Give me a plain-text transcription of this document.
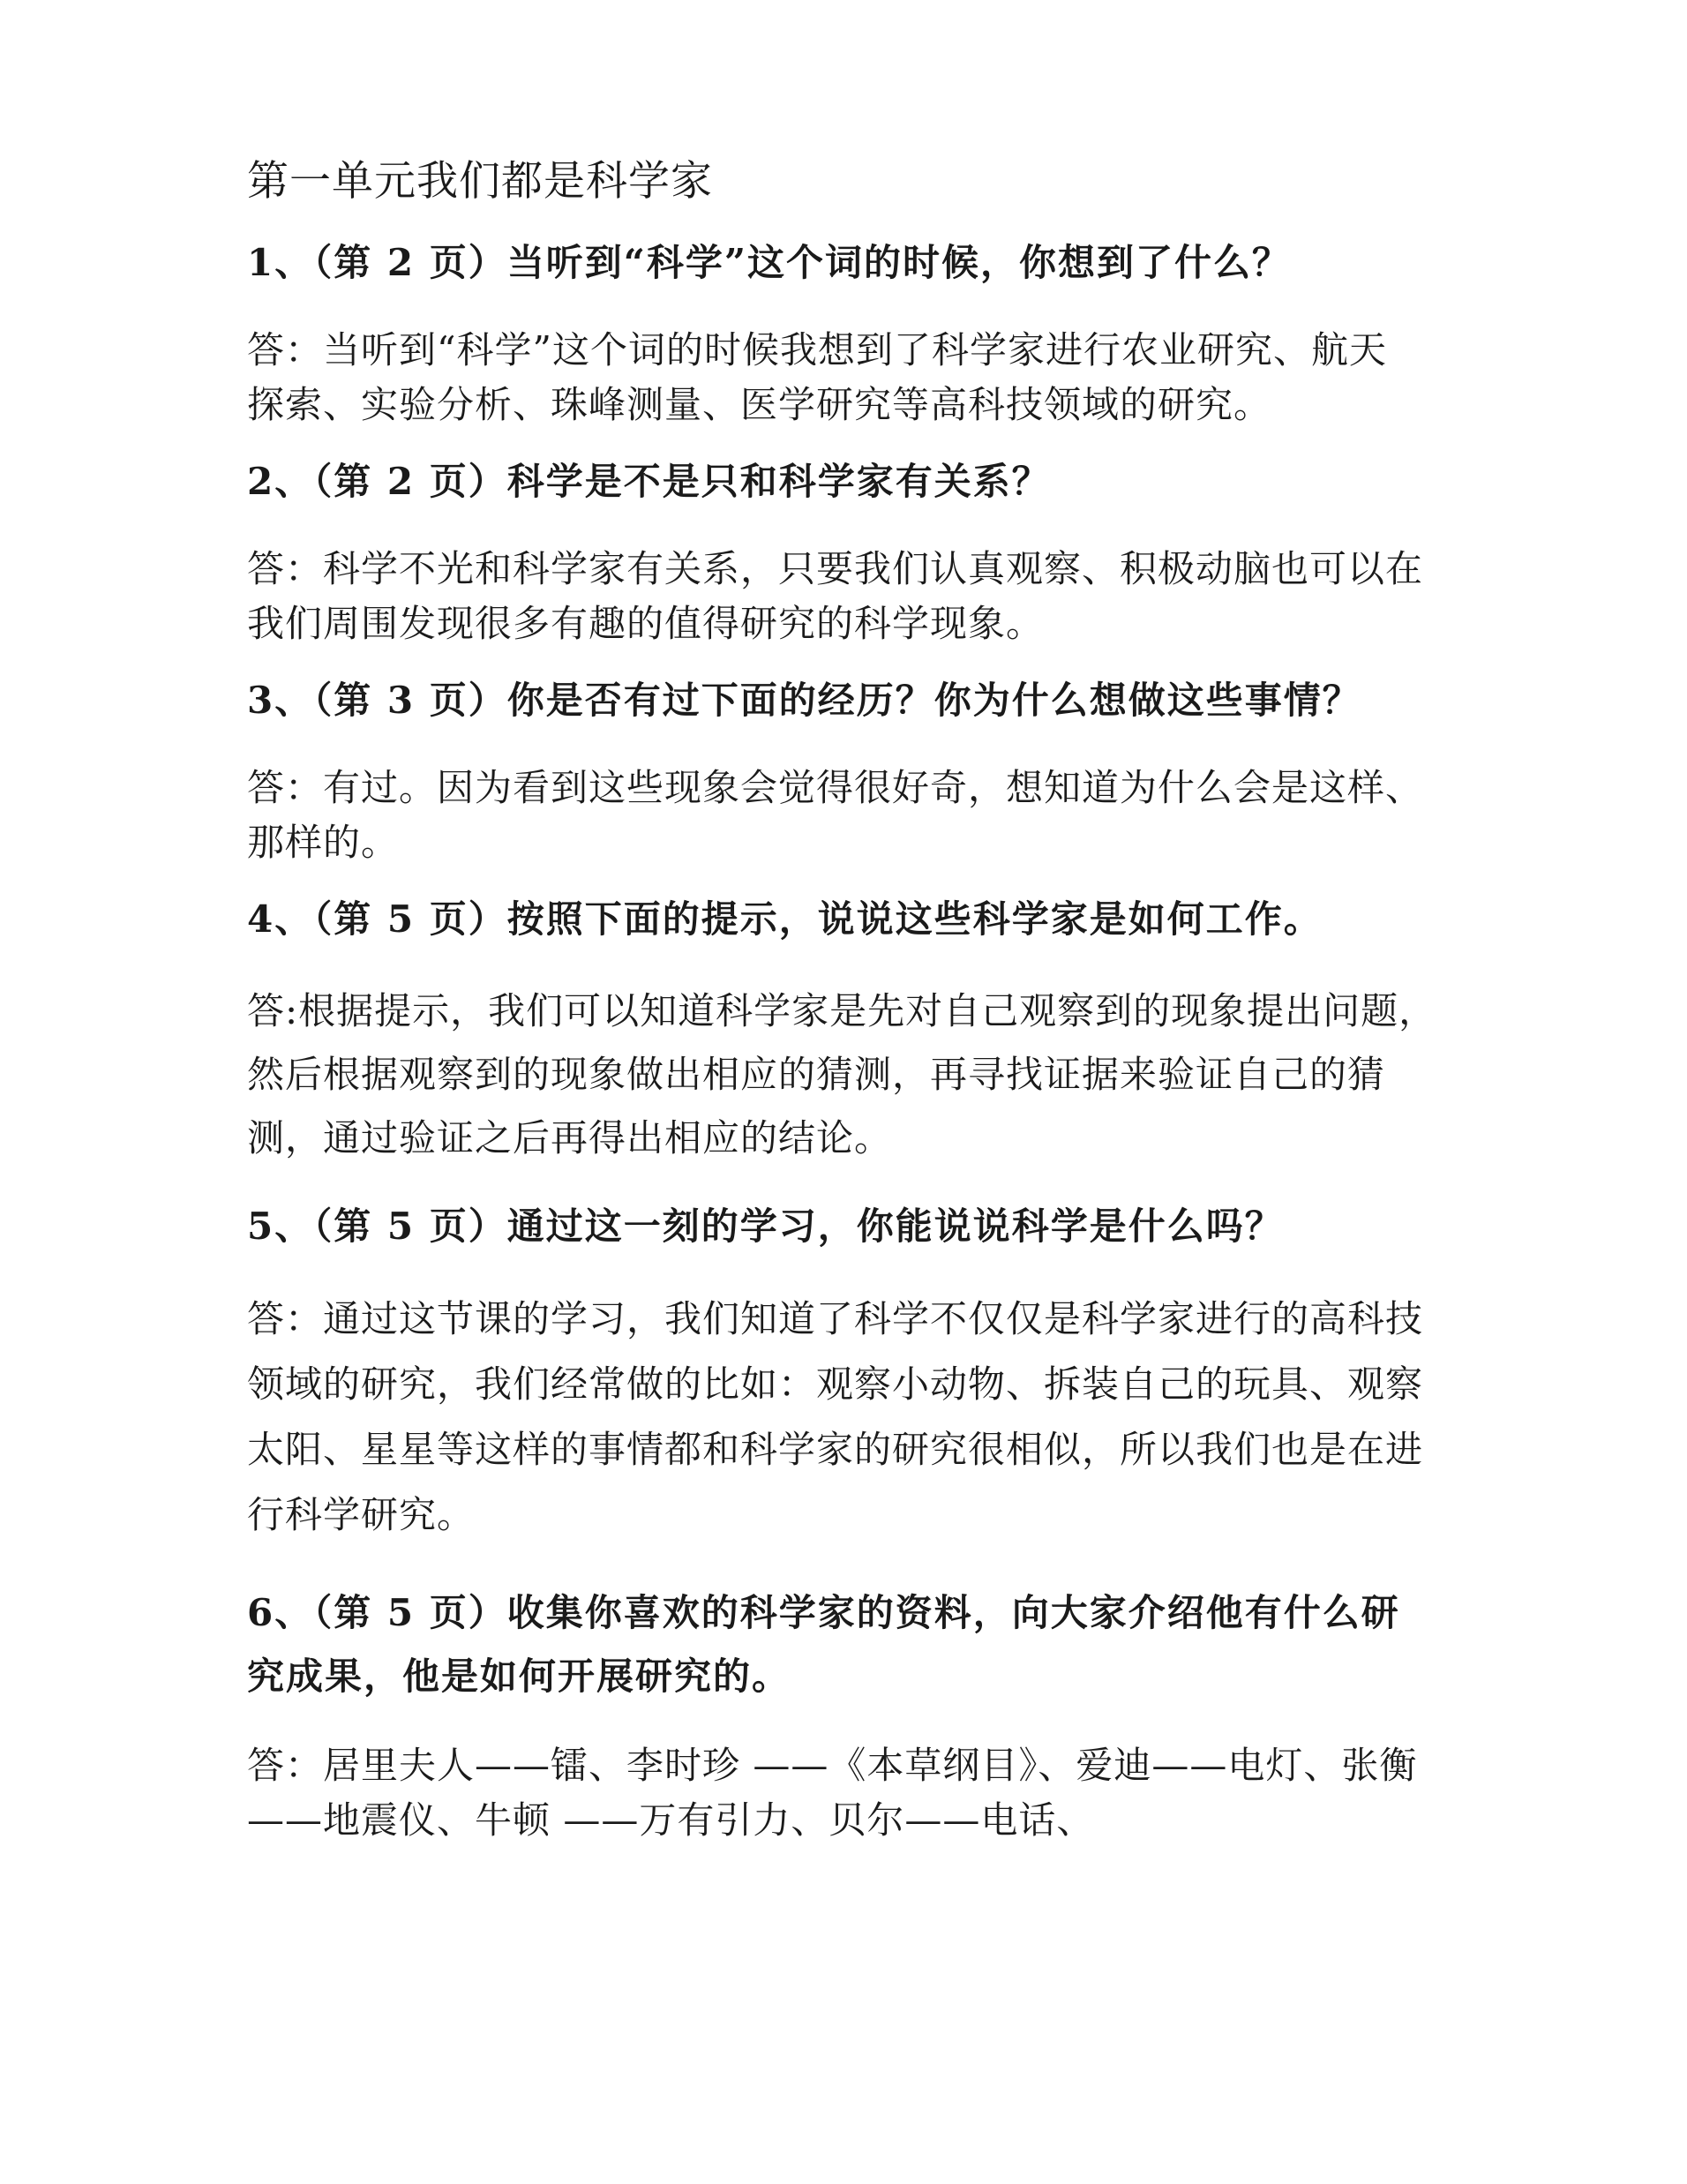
第一单元我们都是科学家
1、（第 2 页）当听到“科学”这个词的时候，你想到了什么？
答：当听到“科学”这个词的时候我想到了科学家进行农业研究、航天
探索、实验分析、珠峰测量、医学研究等高科技领域的研究。
2、（第 2 页）科学是不是只和科学家有关系？
答：科学不光和科学家有关系，只要我们认真观察、积极动脑也可以在
我们周围发现很多有趣的值得研究的科学现象。
3、（第 3 页）你是否有过下面的经历？你为什么想做这些事情？
答：有过。因为看到这些现象会觉得很好奇，想知道为什么会是这样、
那样的。
4、（第 5 页）按照下面的提示，说说这些科学家是如何工作。
答:根据提示，我们可以知道科学家是先对自己观察到的现象提出问题，
然后根据观察到的现象做出相应的猜测，再寻找证据来验证自己的猜
测，通过验证之后再得出相应的结论。
5、（第 5 页）通过这一刻的学习，你能说说科学是什么吗？
答：通过这节课的学习，我们知道了科学不仅仅是科学家进行的高科技
领域的研究，我们经常做的比如：观察小动物、拆装自己的玩具、观察
太阳、星星等这样的事情都和科学家的研究很相似，所以我们也是在进
行科学研究。
6、（第 5 页）收集你喜欢的科学家的资料，向大家介绍他有什么研
究成果，他是如何开展研究的。
答：居里夫人——镭、李时珍 ——《本草纲目》、爱迪——电灯、张衡
——地震仪、牛顿 ——万有引力、贝尔——电话、
